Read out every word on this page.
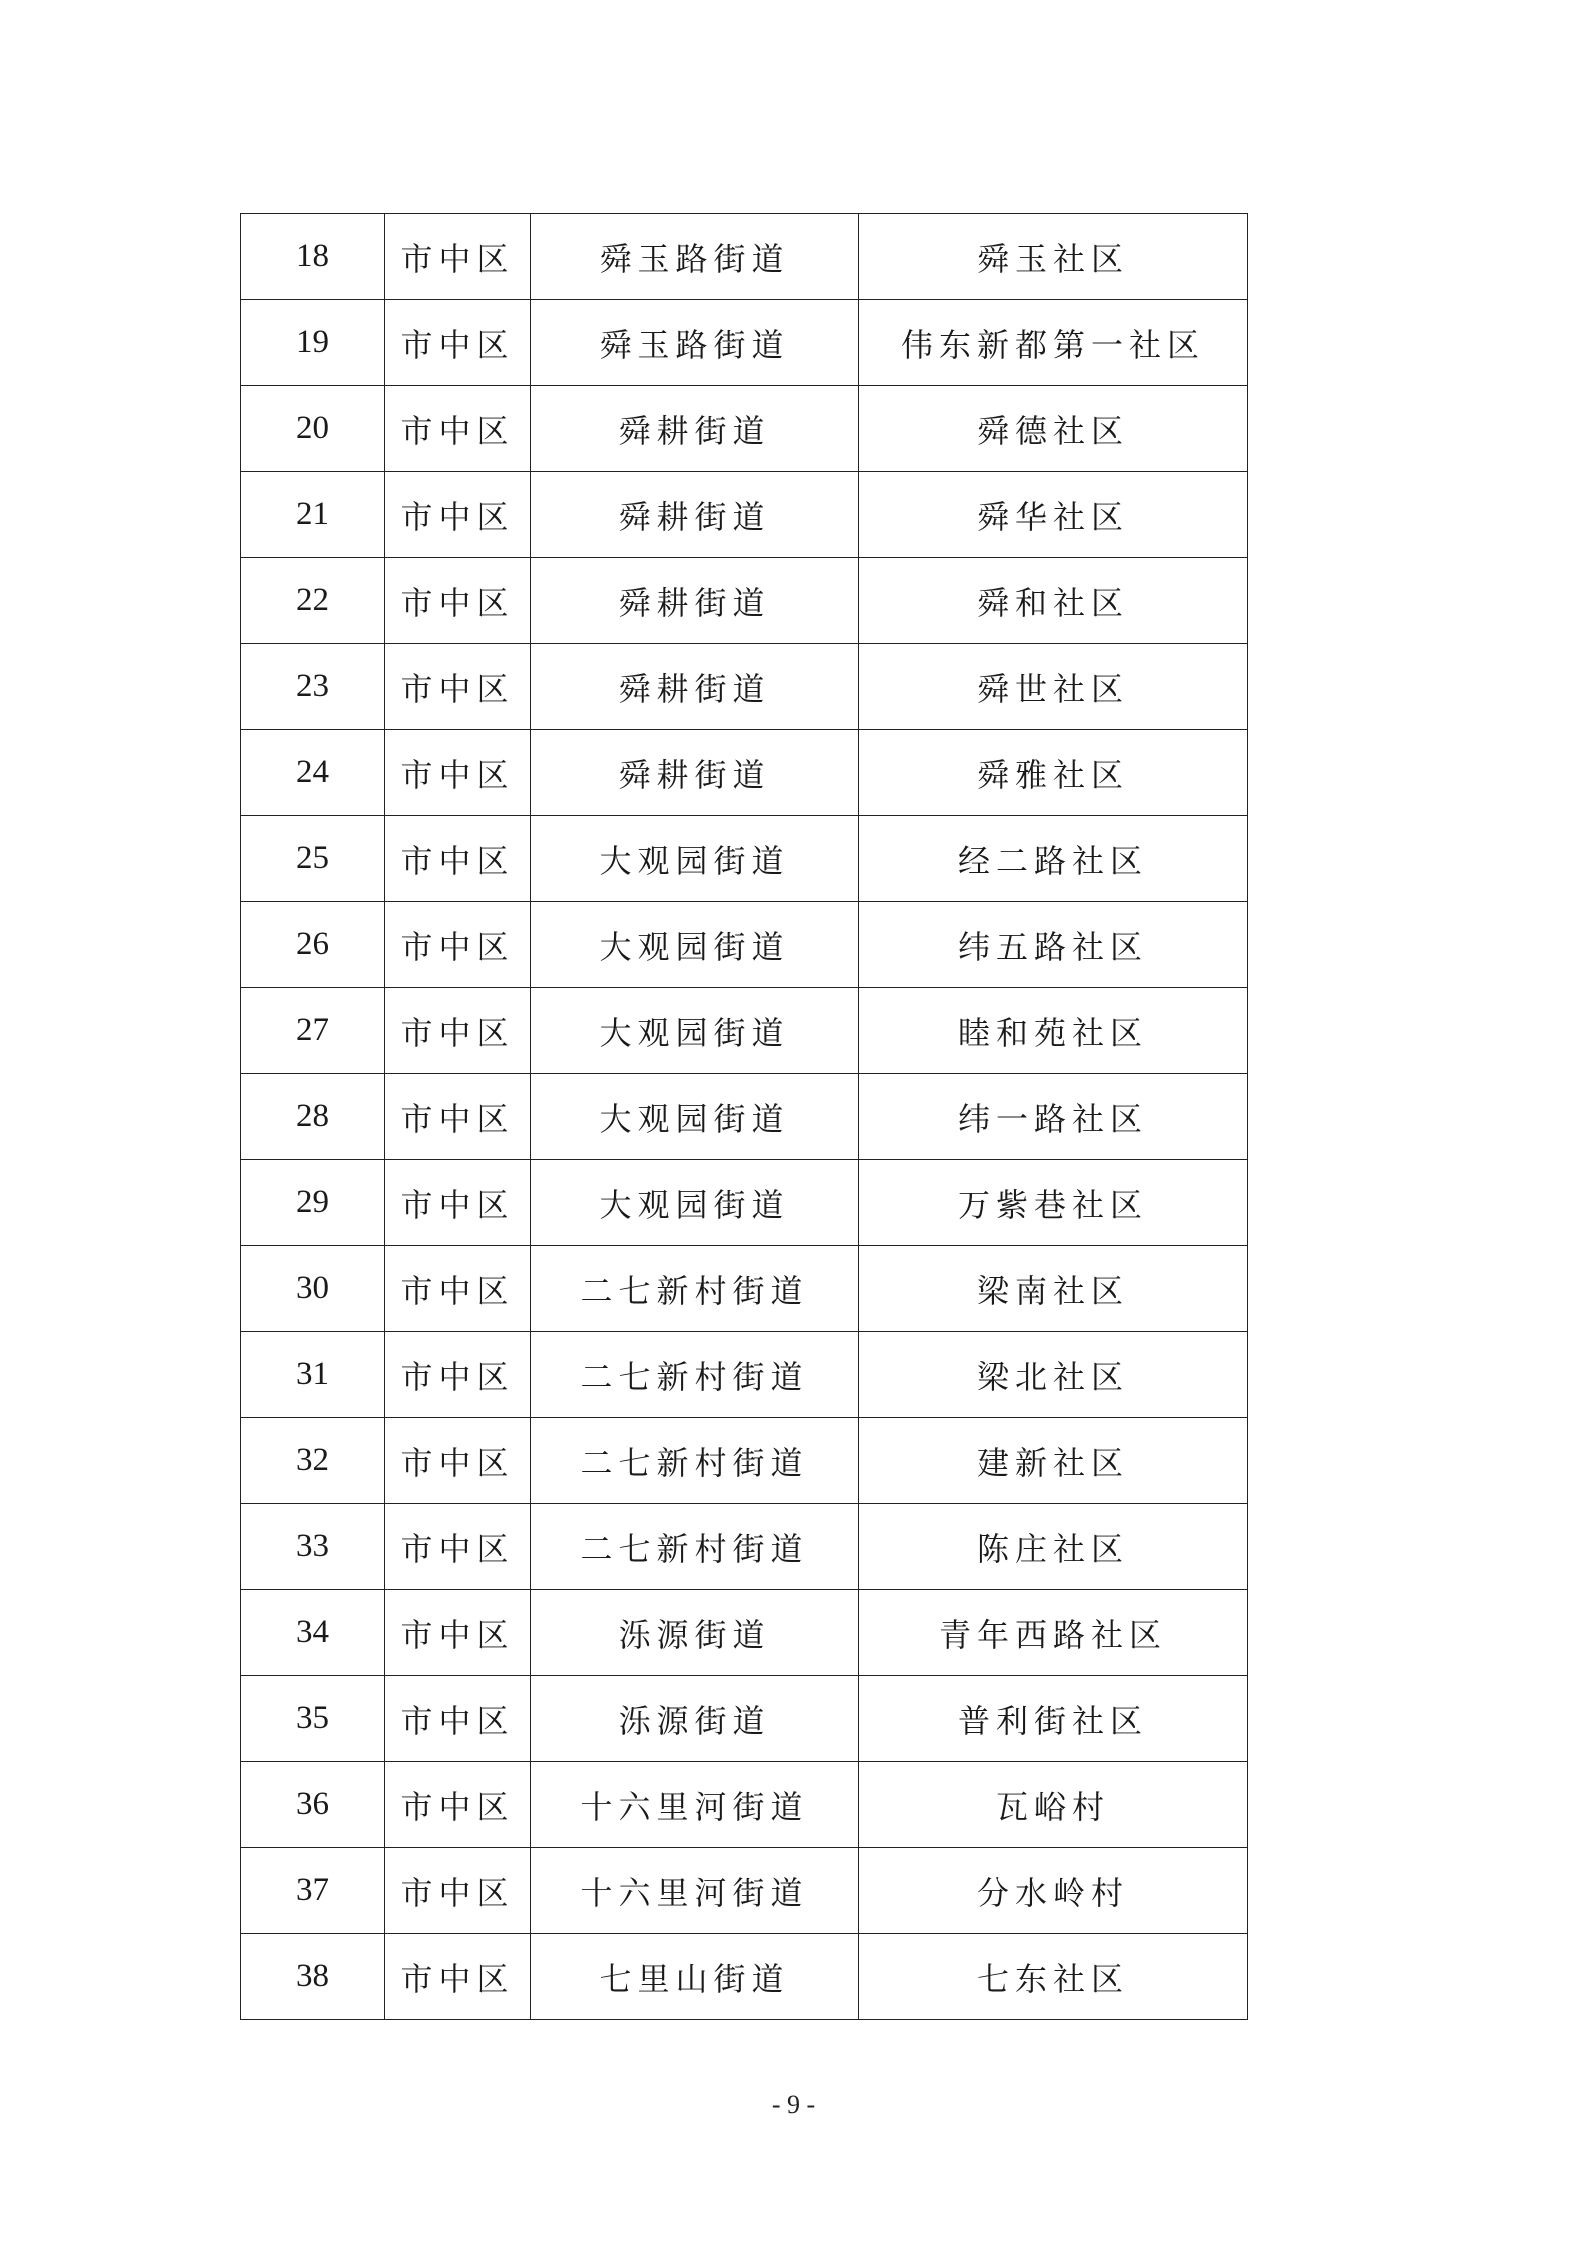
18	市中区	舜玉路街道	舜玉社区
19	市中区	舜玉路街道	伟东新都第一社区
20	市中区	舜耕街道	舜德社区
21	市中区	舜耕街道	舜华社区
22	市中区	舜耕街道	舜和社区
23	市中区	舜耕街道	舜世社区
24	市中区	舜耕街道	舜雅社区
25	市中区	大观园街道	经二路社区
26	市中区	大观园街道	纬五路社区
27	市中区	大观园街道	睦和苑社区
28	市中区	大观园街道	纬一路社区
29	市中区	大观园街道	万紫巷社区
30	市中区	二七新村街道	梁南社区
31	市中区	二七新村街道	梁北社区
32	市中区	二七新村街道	建新社区
33	市中区	二七新村街道	陈庄社区
34	市中区	泺源街道	青年西路社区
35	市中区	泺源街道	普利街社区
36	市中区	十六里河街道	瓦峪村
37	市中区	十六里河街道	分水岭村
38	市中区	七里山街道	七东社区
- 9 -
